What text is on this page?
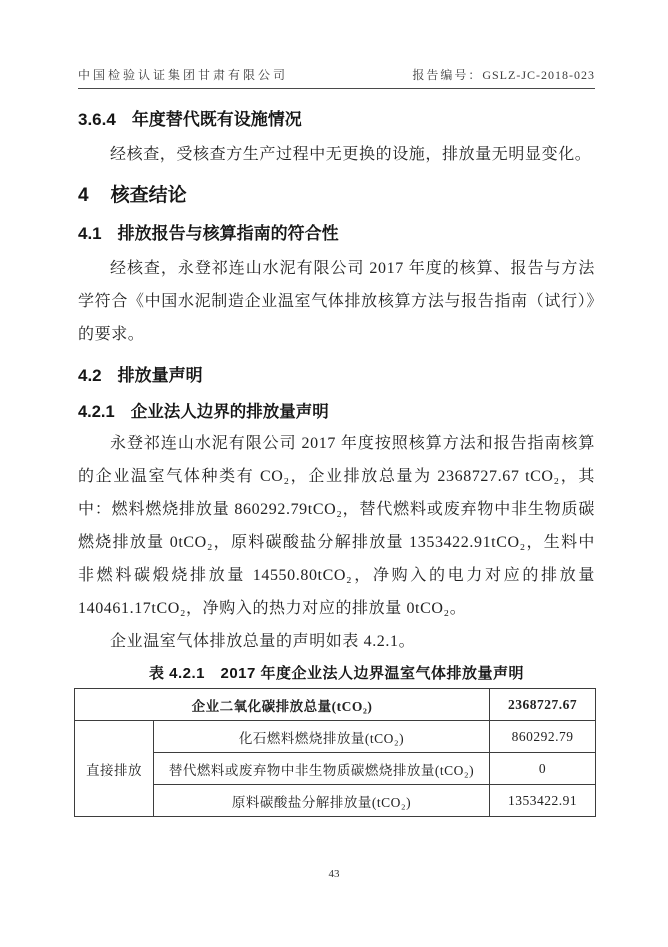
中国检验认证集团甘肃有限公司	报告编号：GSLZ-JC-2018-023
3.6.4 年度替代既有设施情况

经核查，受核查方生产过程中无更换的设施，排放量无明显变化。

4 核查结论
4.1 排放报告与核算指南的符合性

经核查，永登祁连山水泥有限公司 2017 年度的核算、报告与方法学符合《中国水泥制造企业温室气体排放核算方法与报告指南（试行）》的要求。

4.2 排放量声明
4.2.1 企业法人边界的排放量声明

永登祁连山水泥有限公司 2017 年度按照核算方法和报告指南核算的企业温室气体种类有 CO₂，企业排放总量为 2368727.67 tCO₂，其中：燃料燃烧排放量 860292.79tCO₂，替代燃料或废弃物中非生物质碳燃烧排放量 0tCO₂，原料碳酸盐分解排放量 1353422.91tCO₂，生料中非燃料碳煅烧排放量 14550.80tCO₂，净购入的电力对应的排放量 140461.17tCO₂，净购入的热力对应的排放量 0tCO₂。

企业温室气体排放总量的声明如表 4.2.1。

表 4.2.1　2017 年度企业法人边界温室气体排放量声明
企业二氧化碳排放总量(tCO₂)		2368727.67
直接排放	化石燃料燃烧排放量(tCO₂)	860292.79
	替代燃料或废弃物中非生物质碳燃烧排放量(tCO₂)	0
	原料碳酸盐分解排放量(tCO₂)	1353422.91
43
